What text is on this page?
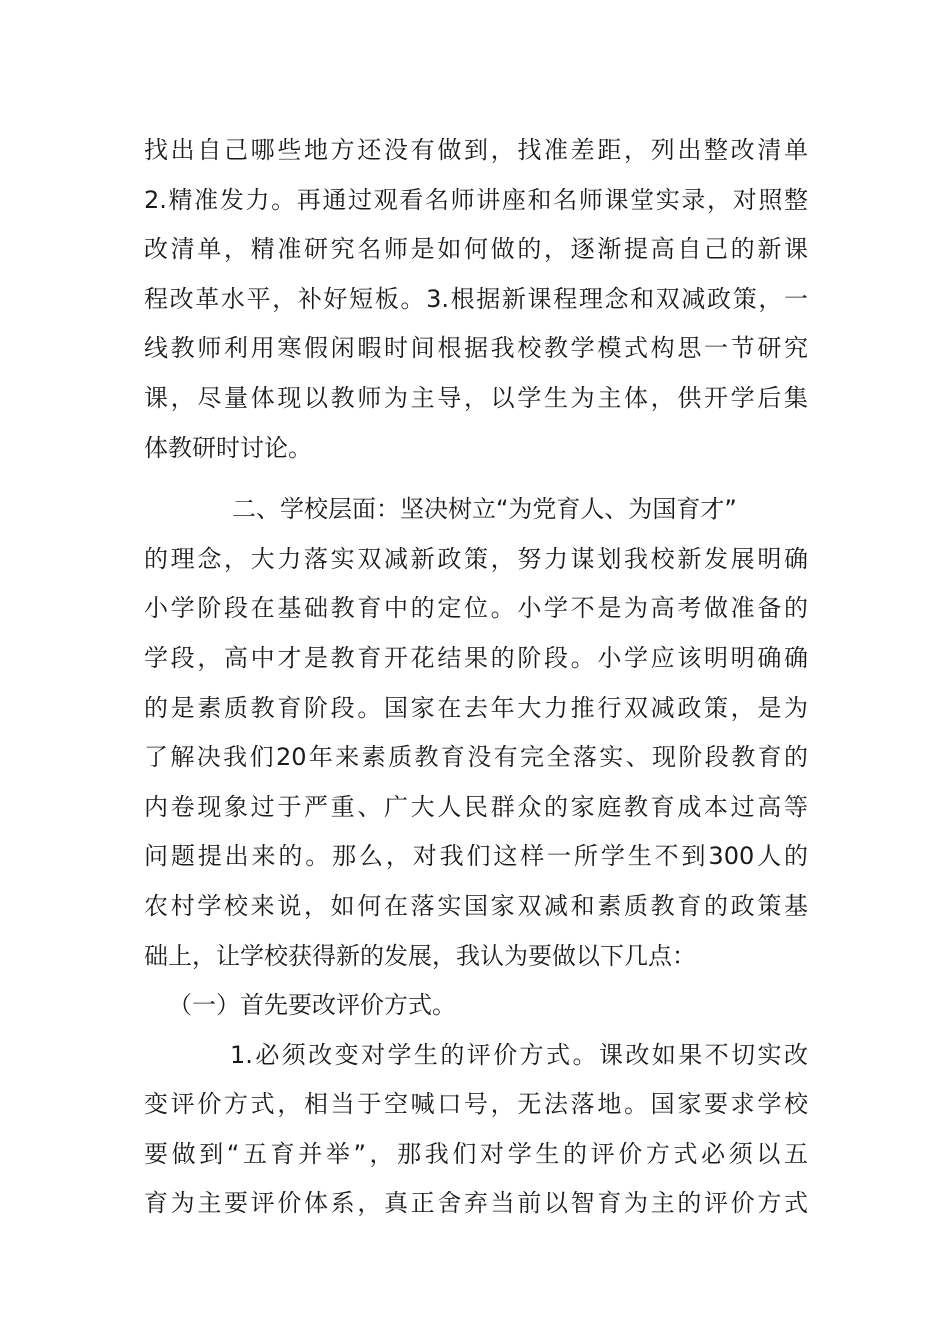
找出自己哪些地方还没有做到，找准差距，列出整改清单
2.精准发力。再通过观看名师讲座和名师课堂实录，对照整
改清单，精准研究名师是如何做的，逐渐提高自己的新课
程改革水平，补好短板。3.根据新课程理念和双减政策，一
线教师利用寒假闲暇时间根据我校教学模式构思一节研究
课，尽量体现以教师为主导，以学生为主体，供开学后集
体教研时讨论。
二、学校层面：坚决树立“为党育人、为国育才”
的理念，大力落实双减新政策，努力谋划我校新发展明确
小学阶段在基础教育中的定位。小学不是为高考做准备的
学段，高中才是教育开花结果的阶段。小学应该明明确确
的是素质教育阶段。国家在去年大力推行双减政策，是为
了解决我们20年来素质教育没有完全落实、现阶段教育的
内卷现象过于严重、广大人民群众的家庭教育成本过高等
问题提出来的。那么，对我们这样一所学生不到300人的
农村学校来说，如何在落实国家双减和素质教育的政策基
础上，让学校获得新的发展，我认为要做以下几点：
（一）首先要改评价方式。
1.必须改变对学生的评价方式。课改如果不切实改
变评价方式，相当于空喊口号，无法落地。国家要求学校
要做到“五育并举”，那我们对学生的评价方式必须以五
育为主要评价体系，真正舍弃当前以智育为主的评价方式
